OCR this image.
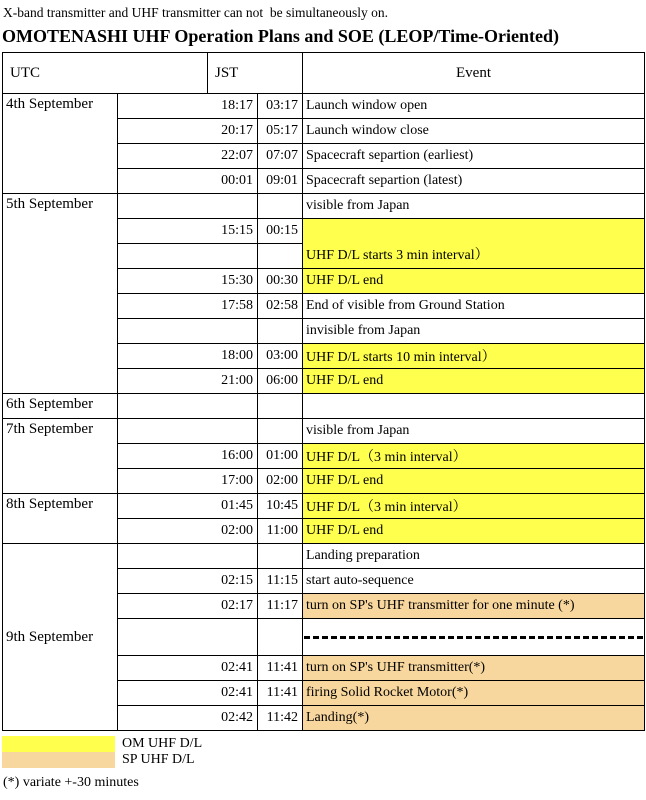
X-band transmitter and UHF transmitter can not  be simultaneously on.
OMOTENASHI UHF Operation Plans and SOE (LEOP/Time-Oriented)
UTC		JST		Event
4th September	18:17		03:17	Launch window open
	20:17		05:17	Launch window close
	22:07		07:07	Spacecraft separtion (earliest)
	00:01		09:01	Spacecraft separtion (latest)
5th September				visible from Japan
	15:15		00:15	UHF D/L starts 3 min interval）

	15:30		00:30	UHF D/L end
	17:58		02:58	End of visible from Ground Station
				invisible from Japan
	18:00		03:00	UHF D/L starts 10 min interval）
	21:00		06:00	UHF D/L end
6th September				
7th September				visible from Japan
	16:00		01:00	UHF D/L（3 min interval）
	17:00		02:00	UHF D/L end
8th September	01:45		10:45	UHF D/L（3 min interval）
	02:00		11:00	UHF D/L end
9th September				Landing preparation
	02:15		11:15	start auto-sequence
	02:17		11:17	turn on SP's UHF transmitter for one minute (*)

	02:41		11:41	turn on SP's UHF transmitter(*)
	02:41		11:41	firing Solid Rocket Motor(*)
	02:42		11:42	Landing(*)
OM UHF D/L
SP UHF D/L
(*) variate +-30 minutes
